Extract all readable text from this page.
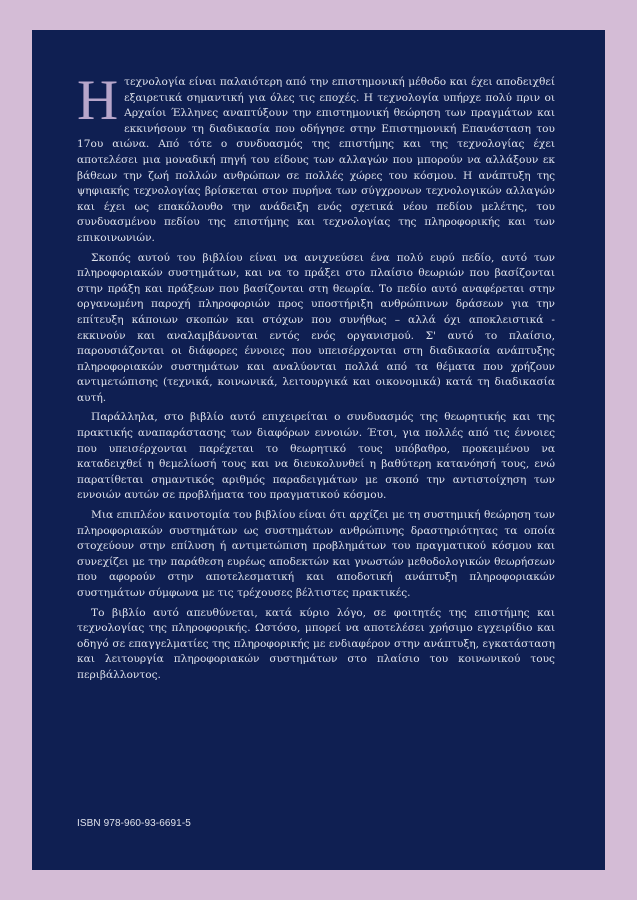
Ητεχνολογία είναι παλαιότερη από την επιστημονική μέθοδο και έχει αποδειχθεί εξαιρετικά σημαντική για όλες τις εποχές. Η τεχνολογία υπήρχε πολύ πριν οι Αρχαίοι Έλληνες αναπτύξουν την επιστημονική θεώρηση των πραγμάτων και εκκινήσουν τη διαδικασία που οδήγησε στην Επιστημονική Επανάσταση του 17ου αιώνα. Από τότε ο συνδυασμός της επιστήμης και της τεχνολογίας έχει αποτελέσει μια μοναδική πηγή του είδους των αλλαγών που μπορούν να αλλάξουν εκ βάθεων την ζωή πολλών ανθρώπων σε πολλές χώρες του κόσμου. Η ανάπτυξη της ψηφιακής τεχνολογίας βρίσκεται στον πυρήνα των σύγχρονων τεχνολογικών αλλαγών και έχει ως επακόλουθο την ανάδειξη ενός σχετικά νέου πεδίου μελέτης, του συνδυασμένου πεδίου της επιστήμης και τεχνολογίας της πληροφορικής και των επικοινωνιών.

Σκοπός αυτού του βιβλίου είναι να ανιχνεύσει ένα πολύ ευρύ πεδίο, αυτό των πληροφοριακών συστημάτων, και να το πράξει στο πλαίσιο θεωριών που βασίζονται στην πράξη και πράξεων που βασίζονται στη θεωρία. Το πεδίο αυτό αναφέρεται στην οργανωμένη παροχή πληροφοριών προς υποστήριξη ανθρώπινων δράσεων για την επίτευξη κάποιων σκοπών και στόχων που συνήθως – αλλά όχι αποκλειστικά - εκκινούν και αναλαμβάνονται εντός ενός οργανισμού. Σ' αυτό το πλαίσιο, παρουσιάζονται οι διάφορες έννοιες που υπεισέρχονται στη διαδικασία ανάπτυξης πληροφοριακών συστημάτων και αναλύονται πολλά από τα θέματα που χρήζουν αντιμετώπισης (τεχνικά, κοινωνικά, λειτουργικά και οικονομικά) κατά τη διαδικασία αυτή.

Παράλληλα, στο βιβλίο αυτό επιχειρείται ο συνδυασμός της θεωρητικής και της πρακτικής αναπαράστασης των διαφόρων εννοιών. Έτσι, για πολλές από τις έννοιες που υπεισέρχονται παρέχεται το θεωρητικό τους υπόβαθρο, προκειμένου να καταδειχθεί η θεμελίωσή τους και να διευκολυνθεί η βαθύτερη κατανόησή τους, ενώ παρατίθεται σημαντικός αριθμός παραδειγμάτων με σκοπό την αντιστοίχηση των εννοιών αυτών σε προβλήματα του πραγματικού κόσμου.

Μια επιπλέον καινοτομία του βιβλίου είναι ότι αρχίζει με τη συστημική θεώρηση των πληροφοριακών συστημάτων ως συστημάτων ανθρώπινης δραστηριότητας τα οποία στοχεύουν στην επίλυση ή αντιμετώπιση προβλημάτων του πραγματικού κόσμου και συνεχίζει με την παράθεση ευρέως αποδεκτών και γνωστών μεθοδολογικών θεωρήσεων που αφορούν στην αποτελεσματική και αποδοτική ανάπτυξη πληροφοριακών συστημάτων σύμφωνα με τις τρέχουσες βέλτιστες πρακτικές.

Το βιβλίο αυτό απευθύνεται, κατά κύριο λόγο, σε φοιτητές της επιστήμης και τεχνολογίας της πληροφορικής. Ωστόσο, μπορεί να αποτελέσει χρήσιμο εγχειρίδιο και οδηγό σε επαγγελματίες της πληροφορικής με ενδιαφέρον στην ανάπτυξη, εγκατάσταση και λειτουργία πληροφοριακών συστημάτων στο πλαίσιο του κοινωνικού τους περιβάλλοντος.

ISBN 978-960-93-6691-5
